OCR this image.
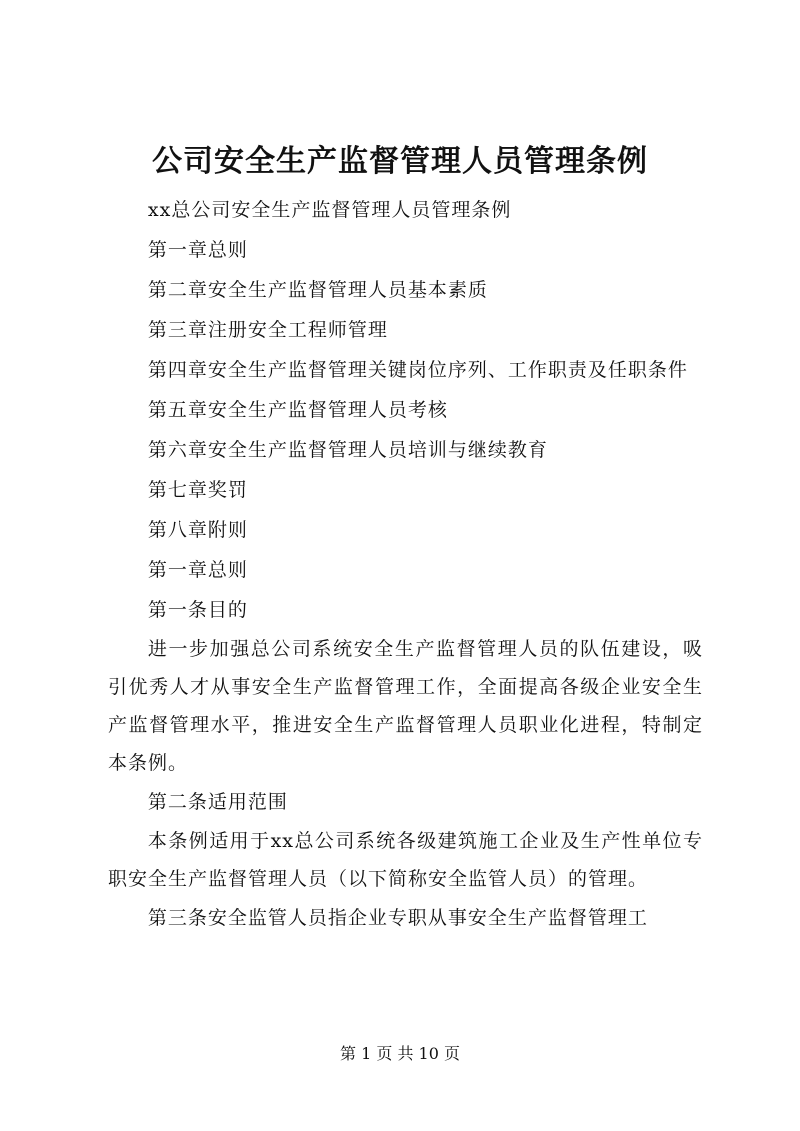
公司安全生产监督管理人员管理条例

xx总公司安全生产监督管理人员管理条例

第一章总则

第二章安全生产监督管理人员基本素质

第三章注册安全工程师管理

第四章安全生产监督管理关键岗位序列、工作职责及任职条件

第五章安全生产监督管理人员考核

第六章安全生产监督管理人员培训与继续教育

第七章奖罚

第八章附则

第一章总则

第一条目的

进一步加强总公司系统安全生产监督管理人员的队伍建设，吸引优秀人才从事安全生产监督管理工作，全面提高各级企业安全生产监督管理水平，推进安全生产监督管理人员职业化进程，特制定本条例。

第二条适用范围

本条例适用于xx总公司系统各级建筑施工企业及生产性单位专职安全生产监督管理人员（以下简称安全监管人员）的管理。

第三条安全监管人员指企业专职从事安全生产监督管理工

第 1 页 共 10 页
